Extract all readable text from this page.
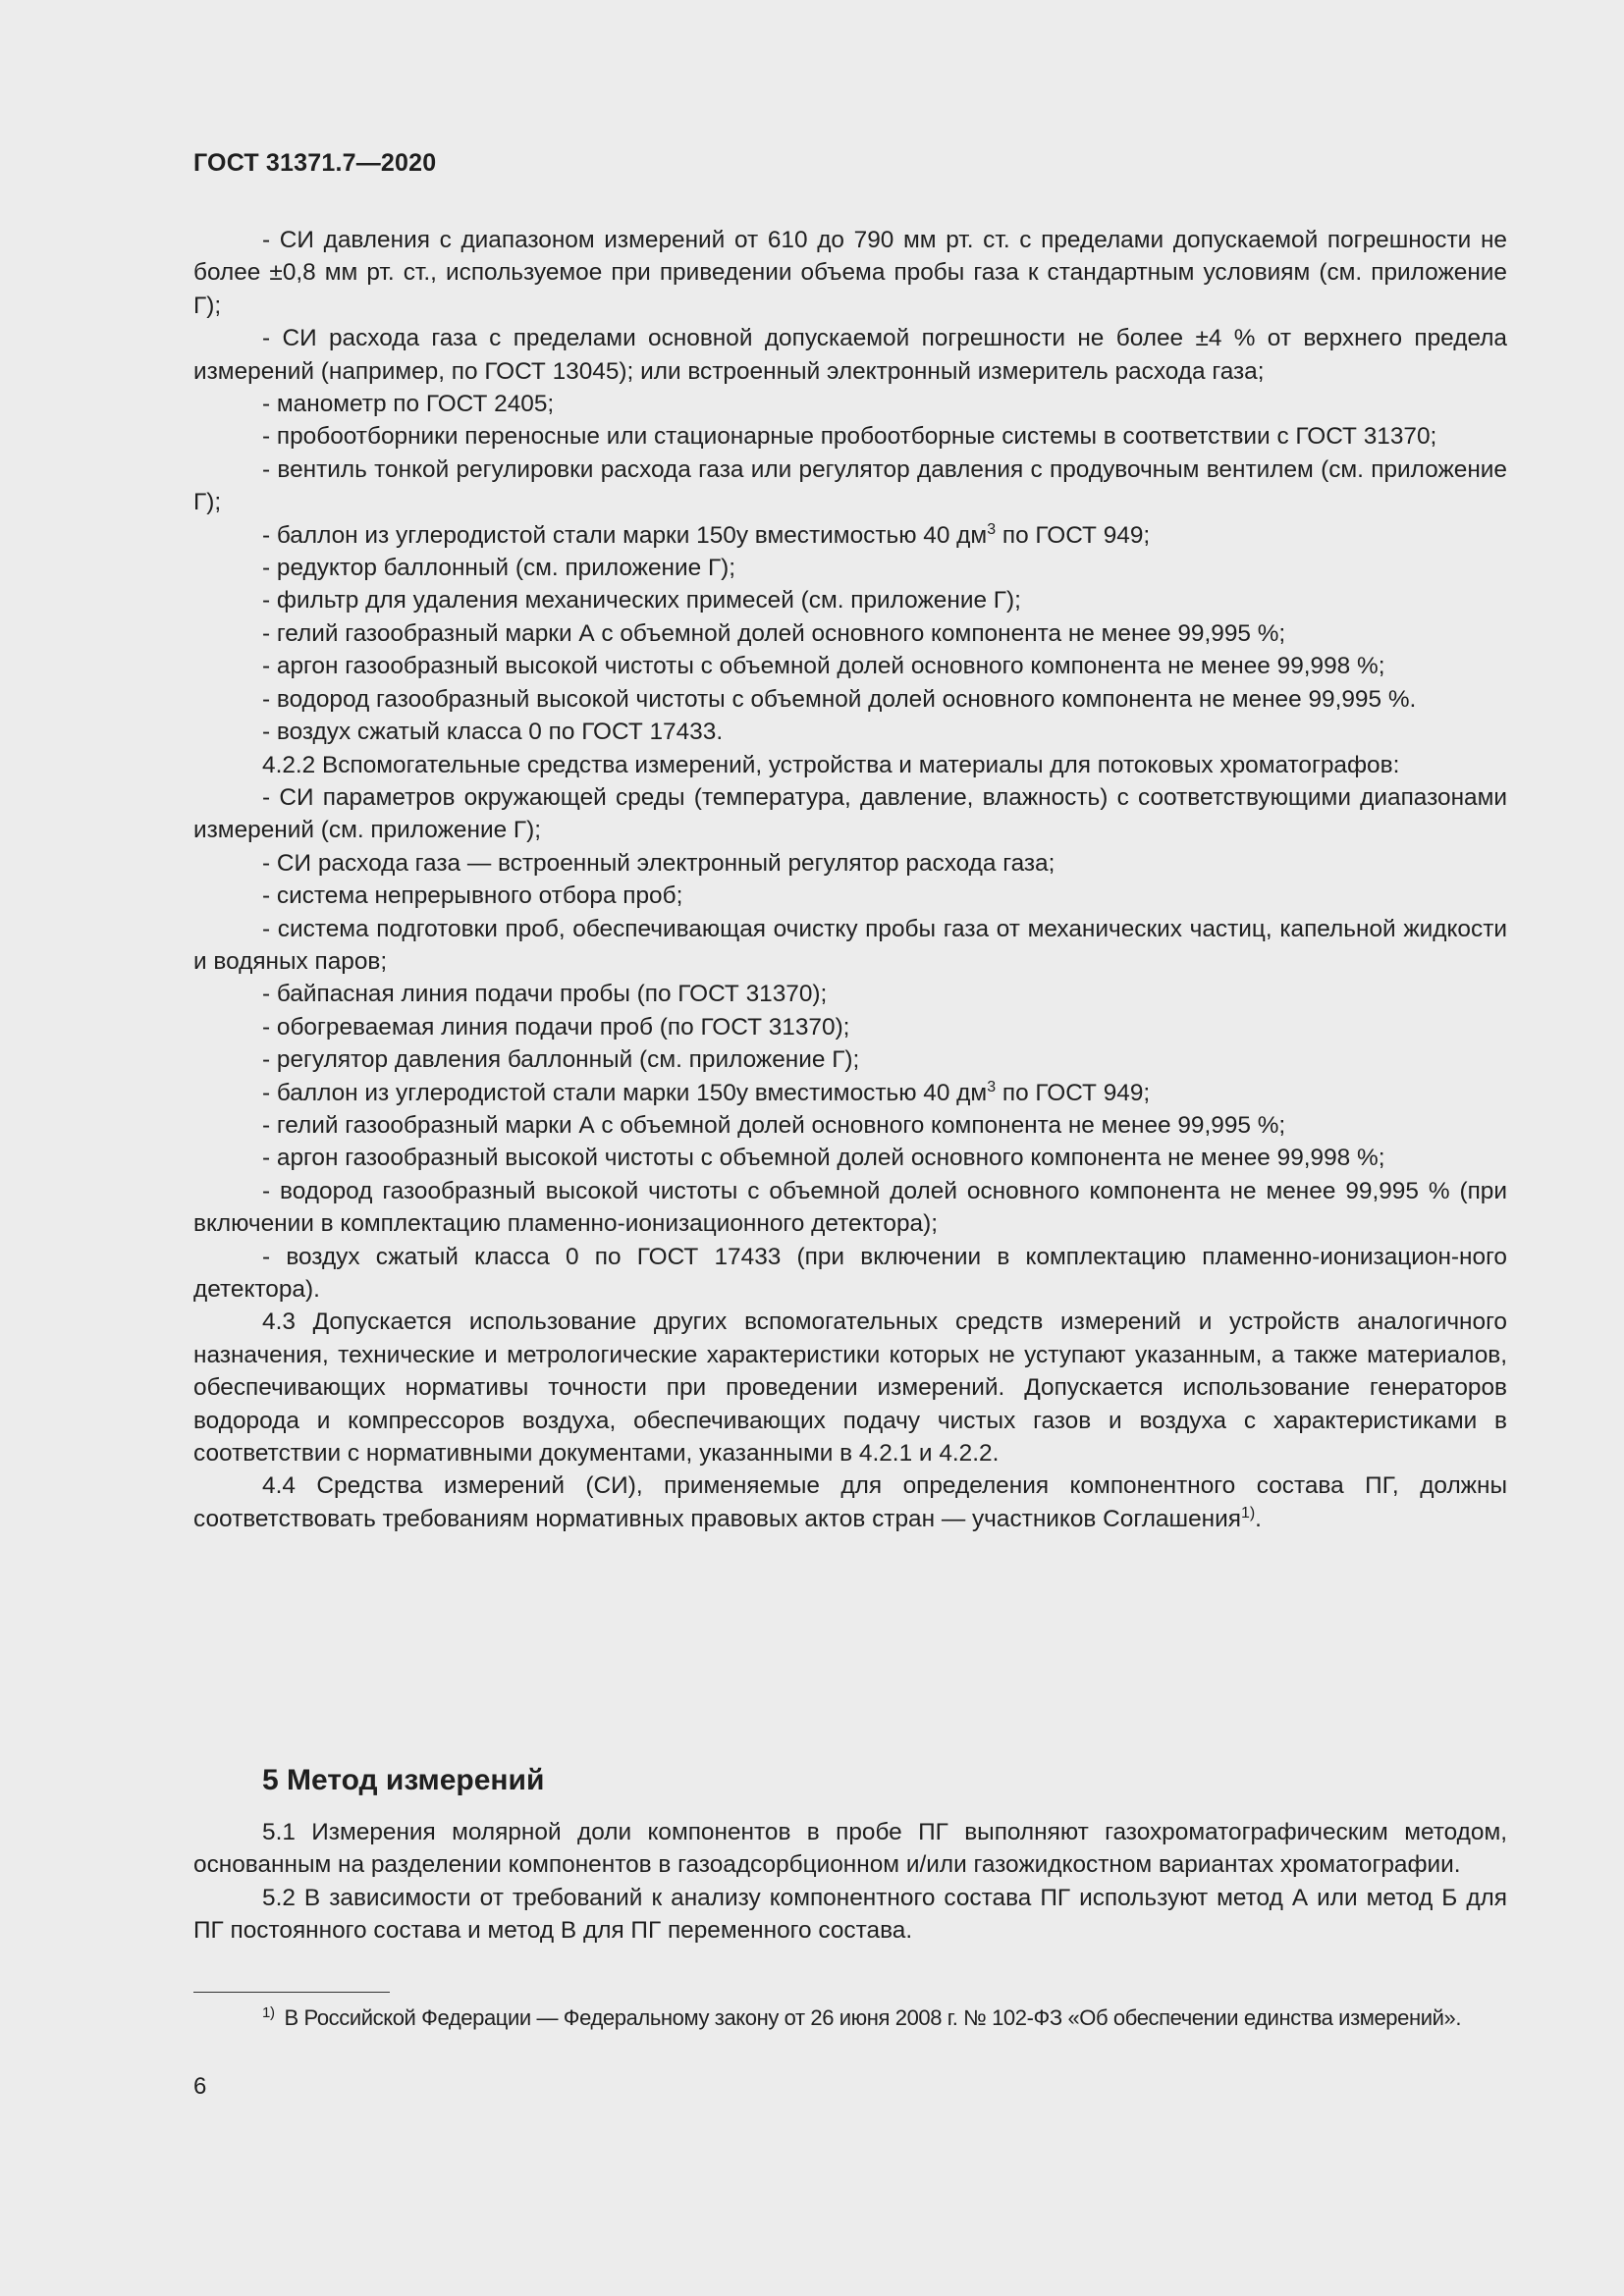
ГОСТ 31371.7—2020

- СИ давления с диапазоном измерений от 610 до 790 мм рт. ст. с пределами допускаемой погрешности не более ±0,8 мм рт. ст., используемое при приведении объема пробы газа к стандартным условиям (см. приложение Г);

- СИ расхода газа с пределами основной допускаемой погрешности не более ±4 % от верхнего предела измерений (например, по ГОСТ 13045); или встроенный электронный измеритель расхода газа;

- манометр по ГОСТ 2405;

- пробоотборники переносные или стационарные пробоотборные системы в соответствии с ГОСТ 31370;

- вентиль тонкой регулировки расхода газа или регулятор давления с продувочным вентилем (см. приложение Г);

- баллон из углеродистой стали марки 150у вместимостью 40 $дм^3$ по ГОСТ 949;

- редуктор баллонный (см. приложение Г);

- фильтр для удаления механических примесей (см. приложение Г);

- гелий газообразный марки А с объемной долей основного компонента не менее 99,995 %;

- аргон газообразный высокой чистоты с объемной долей основного компонента не менее 99,998 %;

- водород газообразный высокой чистоты с объемной долей основного компонента не менее 99,995 %.

- воздух сжатый класса 0 по ГОСТ 17433.

4.2.2 Вспомогательные средства измерений, устройства и материалы для потоковых хроматографов:

- СИ параметров окружающей среды (температура, давление, влажность) с соответствующими диапазонами измерений (см. приложение Г);

- СИ расхода газа — встроенный электронный регулятор расхода газа;

- система непрерывного отбора проб;

- система подготовки проб, обеспечивающая очистку пробы газа от механических частиц, капельной жидкости и водяных паров;

- байпасная линия подачи пробы (по ГОСТ 31370);

- обогреваемая линия подачи проб (по ГОСТ 31370);

- регулятор давления баллонный (см. приложение Г);

- баллон из углеродистой стали марки 150у вместимостью 40 $дм^3$ по ГОСТ 949;

- гелий газообразный марки А с объемной долей основного компонента не менее 99,995 %;

- аргон газообразный высокой чистоты с объемной долей основного компонента не менее 99,998 %;

- водород газообразный высокой чистоты с объемной долей основного компонента не менее 99,995 % (при включении в комплектацию пламенно-ионизационного детектора);

- воздух сжатый класса 0 по ГОСТ 17433 (при включении в комплектацию пламенно-ионизацион-ного детектора).

4.3 Допускается использование других вспомогательных средств измерений и устройств аналогичного назначения, технические и метрологические характеристики которых не уступают указанным, а также материалов, обеспечивающих нормативы точности при проведении измерений. Допускается использование генераторов водорода и компрессоров воздуха, обеспечивающих подачу чистых газов и воздуха с характеристиками в соответствии с нормативными документами, указанными в 4.2.1 и 4.2.2.

4.4 Средства измерений (СИ), применяемые для определения компонентного состава ПГ, должны соответствовать требованиям нормативных правовых актов стран — участников Соглашения$^{1)}$.

5 Метод измерений

5.1 Измерения молярной доли компонентов в пробе ПГ выполняют газохроматографическим методом, основанным на разделении компонентов в газоадсорбционном и/или газожидкостном вариантах хроматографии.

5.2 В зависимости от требований к анализу компонентного состава ПГ используют метод А или метод Б для ПГ постоянного состава и метод В для ПГ переменного состава.

$^{1)}$ В Российской Федерации — Федеральному закону от 26 июня 2008 г. № 102-ФЗ «Об обеспечении единства измерений».

6
